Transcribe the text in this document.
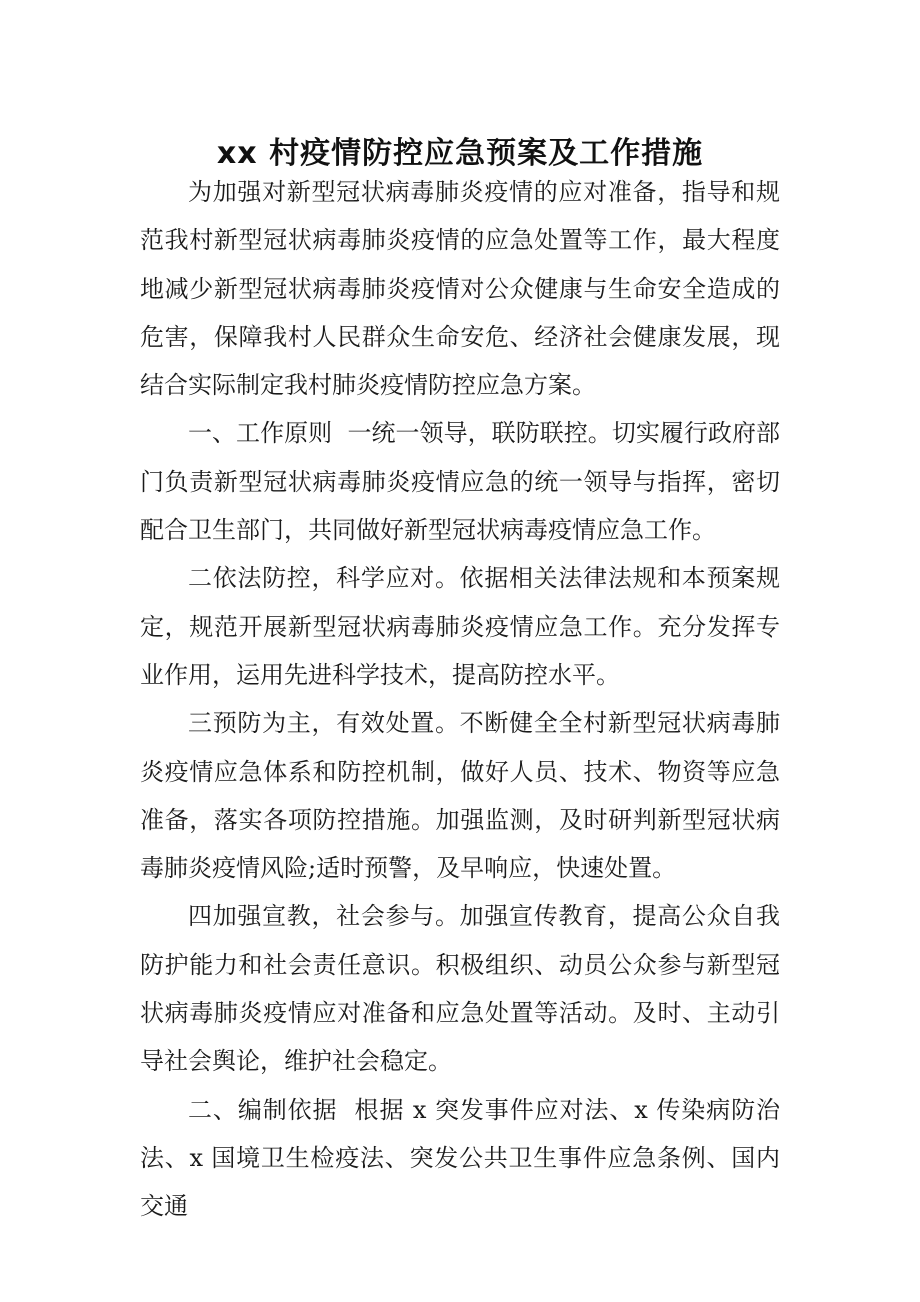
xx 村疫情防控应急预案及工作措施

为加强对新型冠状病毒肺炎疫情的应对准备，指导和规范我村新型冠状病毒肺炎疫情的应急处置等工作，最大程度地减少新型冠状病毒肺炎疫情对公众健康与生命安全造成的危害，保障我村人民群众生命安危、经济社会健康发展，现结合实际制定我村肺炎疫情防控应急方案。

一、工作原则  一统一领导，联防联控。切实履行政府部门负责新型冠状病毒肺炎疫情应急的统一领导与指挥，密切配合卫生部门，共同做好新型冠状病毒疫情应急工作。

二依法防控，科学应对。依据相关法律法规和本预案规定，规范开展新型冠状病毒肺炎疫情应急工作。充分发挥专业作用，运用先进科学技术，提高防控水平。

三预防为主，有效处置。不断健全全村新型冠状病毒肺炎疫情应急体系和防控机制，做好人员、技术、物资等应急准备，落实各项防控措施。加强监测，及时研判新型冠状病毒肺炎疫情风险;适时预警，及早响应，快速处置。

四加强宣教，社会参与。加强宣传教育，提高公众自我防护能力和社会责任意识。积极组织、动员公众参与新型冠状病毒肺炎疫情应对准备和应急处置等活动。及时、主动引导社会舆论，维护社会稳定。

二、编制依据  根据 x 突发事件应对法、x 传染病防治法、x 国境卫生检疫法、突发公共卫生事件应急条例、国内交通
